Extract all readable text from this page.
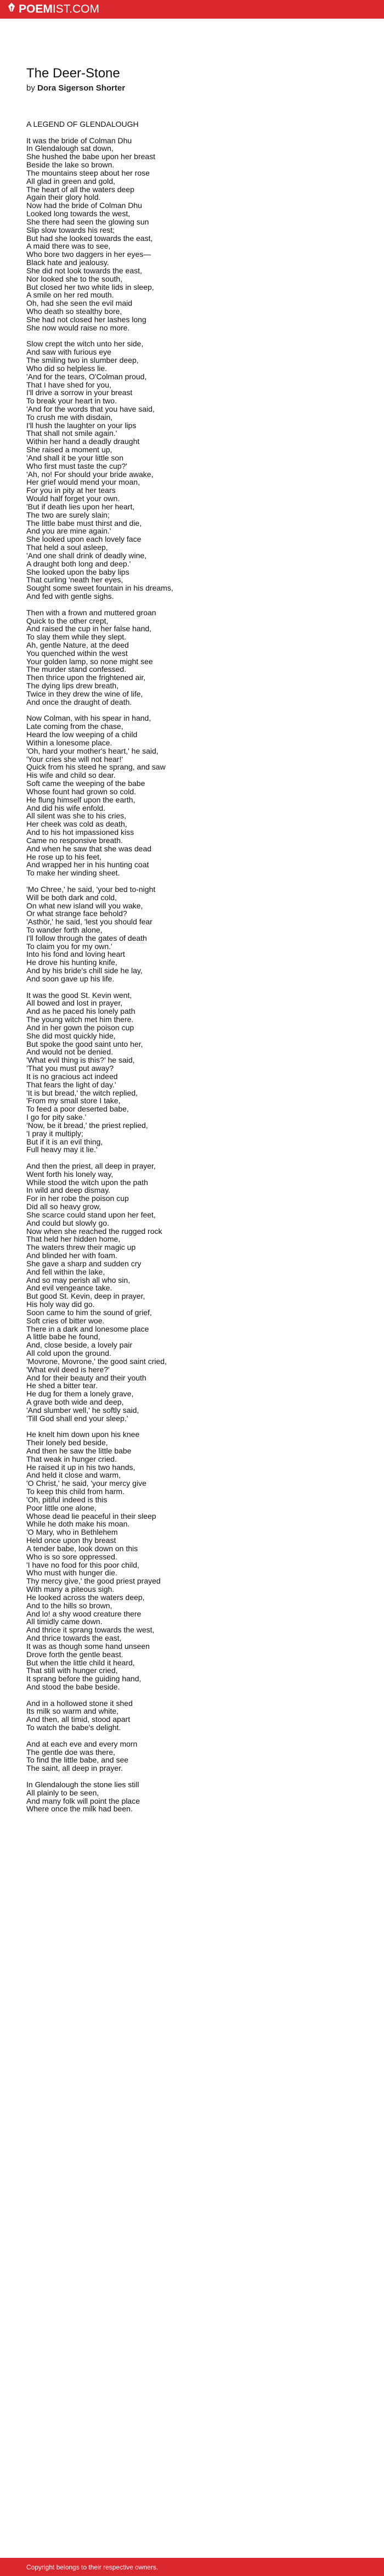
POEM IST.COM
The Deer-Stone
by Dora Sigerson Shorter
A LEGEND OF GLENDALOUGH

It was the bride of Colman Dhu
In Glendalough sat down,
She hushed the babe upon her breast
Beside the lake so brown.
The mountains steep about her rose
All glad in green and gold,
The heart of all the waters deep
Again their glory hold.
Now had the bride of Colman Dhu
Looked long towards the west,
She there had seen the glowing sun
Slip slow towards his rest;
But had she looked towards the east,
A maid there was to see,
Who bore two daggers in her eyes—
Black hate and jealousy.
She did not look towards the east,
Nor looked she to the south,
But closed her two white lids in sleep,
A smile on her red mouth.
Oh, had she seen the evil maid
Who death so stealthy bore,
She had not closed her lashes long
She now would raise no more.

Slow crept the witch unto her side,
And saw with furious eye
The smiling two in slumber deep,
Who did so helpless lie.
'And for the tears, O'Colman proud,
That I have shed for you,
I'll drive a sorrow in your breast
To break your heart in two.
'And for the words that you have said,
To crush me with disdain,
I'll hush the laughter on your lips
That shall not smile again.'
Within her hand a deadly draught
She raised a moment up,
'And shall it be your little son
Who first must taste the cup?'
'Ah, no! For should your bride awake,
Her grief would mend your moan,
For you in pity at her tears
Would half forget your own.
'But if death lies upon her heart,
The two are surely slain;
The little babe must thirst and die,
And you are mine again.'
She looked upon each lovely face
That held a soul asleep,
'And one shall drink of deadly wine,
A draught both long and deep.'
She looked upon the baby lips
That curling 'neath her eyes,
Sought some sweet fountain in his dreams,
And fed with gentle sighs.

Then with a frown and muttered groan
Quick to the other crept,
And raised the cup in her false hand,
To slay them while they slept.
Ah, gentle Nature, at the deed
You quenched within the west
Your golden lamp, so none might see
The murder stand confessed.
Then thrice upon the frightened air,
The dying lips drew breath,
Twice in they drew the wine of life,
And once the draught of death.

Now Colman, with his spear in hand,
Late coming from the chase,
Heard the low weeping of a child
Within a lonesome place.
'Oh, hard your mother's heart,' he said,
'Your cries she will not hear!'
Quick from his steed he sprang, and saw
His wife and child so dear.
Soft came the weeping of the babe
Whose fount had grown so cold.
He flung himself upon the earth,
And did his wife enfold.
All silent was she to his cries,
Her cheek was cold as death,
And to his hot impassioned kiss
Came no responsive breath.
And when he saw that she was dead
He rose up to his feet,
And wrapped her in his hunting coat
To make her winding sheet.

'Mo Chree,' he said, 'your bed to-night
Will be both dark and cold,
On what new island will you wake,
Or what strange face behold?
'Asthör,' he said, 'lest you should fear
To wander forth alone,
I'll follow through the gates of death
To claim you for my own.'
Into his fond and loving heart
He drove his hunting knife,
And by his bride's chill side he lay,
And soon gave up his life.

It was the good St. Kevin went,
All bowed and lost in prayer,
And as he paced his lonely path
The young witch met him there.
And in her gown the poison cup
She did most quickly hide,
But spoke the good saint unto her,
And would not be denied.
'What evil thing is this?' he said,
'That you must put away?
It is no gracious act indeed
That fears the light of day.'
'It is but bread,' the witch replied,
'From my small store I take,
To feed a poor deserted babe,
I go for pity sake.'
'Now, be it bread,' the priest replied,
'I pray it multiply;
But if it is an evil thing,
Full heavy may it lie.'

And then the priest, all deep in prayer,
Went forth his lonely way,
While stood the witch upon the path
In wild and deep dismay.
For in her robe the poison cup
Did all so heavy grow,
She scarce could stand upon her feet,
And could but slowly go.
Now when she reached the rugged rock
That held her hidden home,
The waters threw their magic up
And blinded her with foam.
She gave a sharp and sudden cry
And fell within the lake,
And so may perish all who sin,
And evil vengeance take.
But good St. Kevin, deep in prayer,
His holy way did go.
Soon came to him the sound of grief,
Soft cries of bitter woe.
There in a dark and lonesome place
A little babe he found,
And, close beside, a lovely pair
All cold upon the ground.
'Movrone, Movrone,' the good saint cried,
'What evil deed is here?'
And for their beauty and their youth
He shed a bitter tear.
He dug for them a lonely grave,
A grave both wide and deep,
'And slumber well,' he softly said,
'Till God shall end your sleep.'

He knelt him down upon his knee
Their lonely bed beside,
And then he saw the little babe
That weak in hunger cried.
He raised it up in his two hands,
And held it close and warm,
'O Christ,' he said, 'your mercy give
To keep this child from harm.
'Oh, pitiful indeed is this
Poor little one alone,
Whose dead lie peaceful in their sleep
While he doth make his moan.
'O Mary, who in Bethlehem
Held once upon thy breast
A tender babe, look down on this
Who is so sore oppressed.
'I have no food for this poor child,
Who must with hunger die.
Thy mercy give,' the good priest prayed
With many a piteous sigh.
He looked across the waters deep,
And to the hills so brown,
And lo! a shy wood creature there
All timidly came down.
And thrice it sprang towards the west,
And thrice towards the east,
It was as though some hand unseen
Drove forth the gentle beast.
But when the little child it heard,
That still with hunger cried,
It sprang before the guiding hand,
And stood the babe beside.

And in a hollowed stone it shed
Its milk so warm and white,
And then, all timid, stood apart
To watch the babe's delight.

And at each eve and every morn
The gentle doe was there,
To find the little babe, and see
The saint, all deep in prayer.

In Glendalough the stone lies still
All plainly to be seen,
And many folk will point the place
Where once the milk had been.
Copyright belongs to their respective owners.
